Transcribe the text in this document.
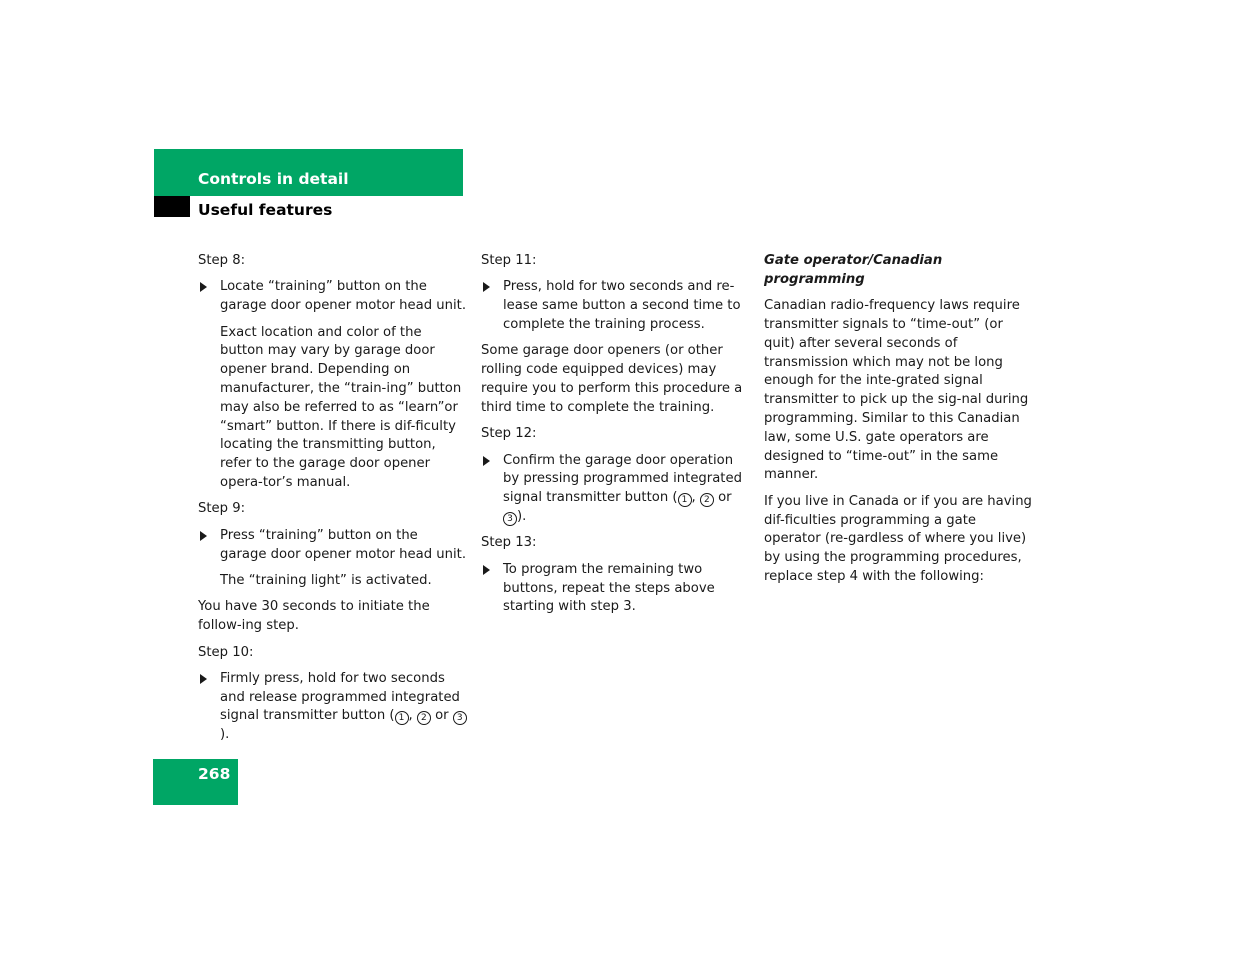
Controls in detail
Useful features

Step 8:

Locate “training” button on the garage door opener motor head unit.

Exact location and color of the button may vary by garage door opener brand. Depending on manufacturer, the “train-ing” button may also be referred to as “learn”or “smart” button. If there is dif-ficulty locating the transmitting button, refer to the garage door opener opera-tor’s manual.

Step 9:

Press “training” button on the garage door opener motor head unit.

The “training light” is activated.

You have 30 seconds to initiate the follow-ing step.

Step 10:

Firmly press, hold for two seconds and release programmed integrated signal transmitter button ( 1 , 2 or 3).

Step 11:

Press, hold for two seconds and re-lease same button a second time to complete the training process.

Some garage door openers (or other rolling code equipped devices) may require you to perform this procedure a third time to complete the training.

Step 12:

Confirm the garage door operation by pressing programmed integrated signal transmitter button ( 1 , 2 or 3 ).

Step 13:

To program the remaining two buttons, repeat the steps above starting with step 3.

Gate operator/Canadian programming

Canadian radio-frequency laws require transmitter signals to “time-out” (or quit) after several seconds of transmission which may not be long enough for the inte-grated signal transmitter to pick up the sig-nal during programming. Similar to this Canadian law, some U.S. gate operators are designed to “time-out” in the same manner.

If you live in Canada or if you are having dif-ficulties programming a gate operator (re-gardless of where you live) by using the programming procedures, replace step 4 with the following:

268
